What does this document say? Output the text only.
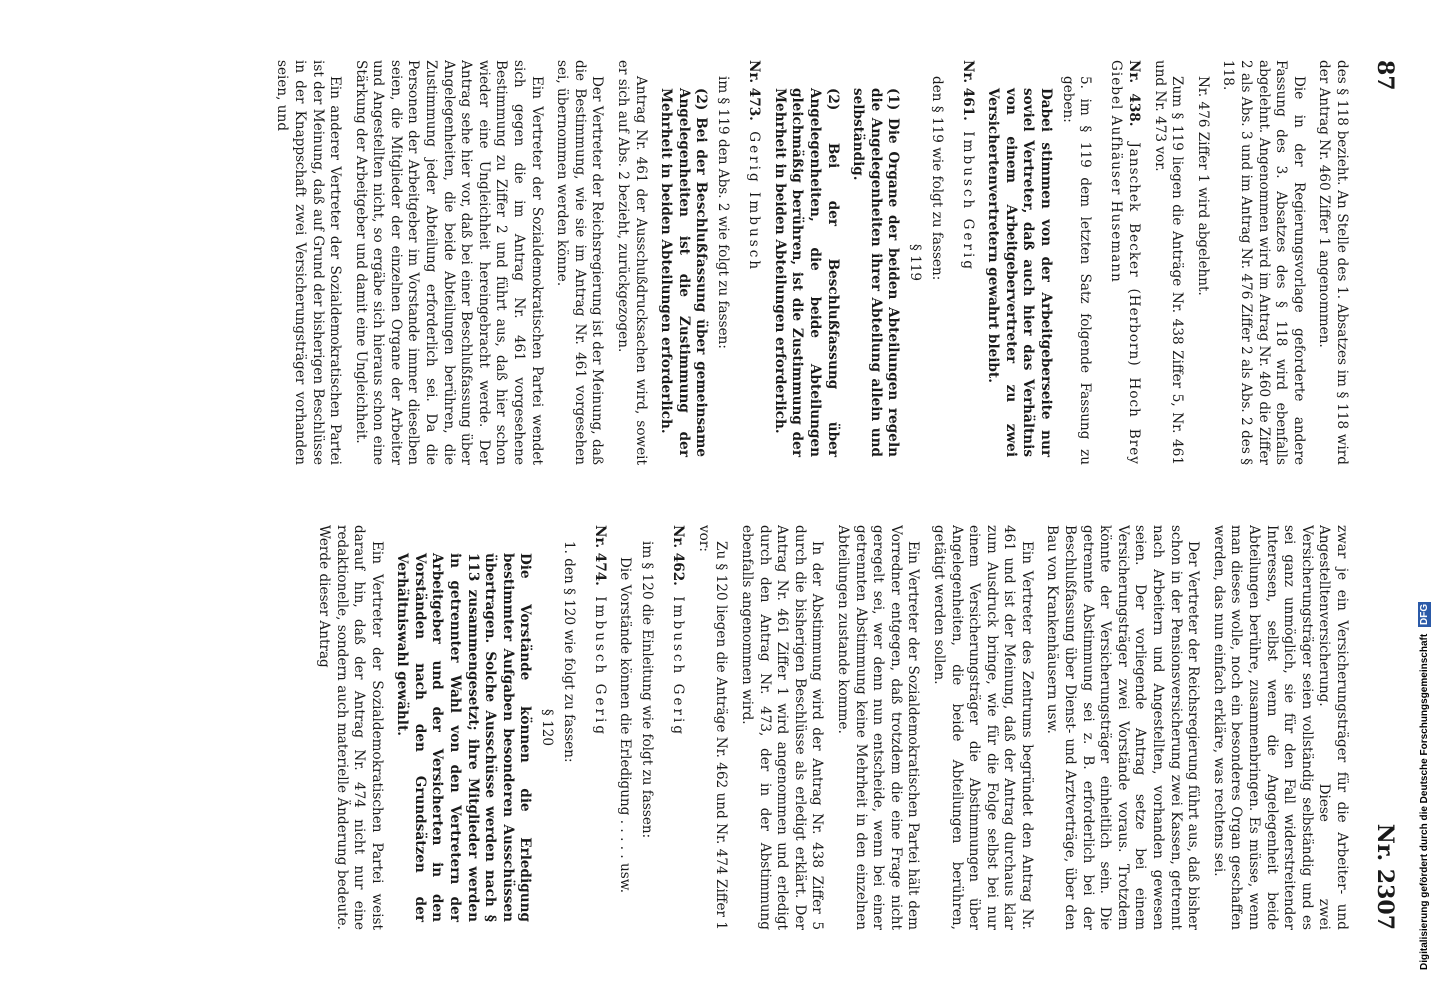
87
Nr. 2307

des § 118 bezieht. An Stelle des 1. Absatzes im § 118 wird der Antrag Nr. 460 Ziffer 1 angenommen.

Die in der Regierungsvorlage geforderte andere Fassung des 3. Absatzes des § 118 wird ebenfalls abgelehnt. Angenommen wird im Antrag Nr. 460 die Ziffer 2 als Abs. 3 und im Antrag Nr. 476 Ziffer 2 als Abs. 2 des § 118.

Nr. 476 Ziffer 1 wird abgelehnt.

Zum § 119 liegen die Anträge Nr. 438 Ziffer 5, Nr. 461 und Nr. 473 vor.

Nr. 438. Janschek Becker (Herborn) Hoch Brey Giebel Aufhäuser Husemann

5. im § 119 dem letzten Satz folgende Fassung zu geben:

Dabei stimmen von der Arbeitgeberseite nur soviel Vertreter, daß auch hier das Verhältnis von einem Arbeitgebervertreter zu zwei Versichertenvertretern gewahrt bleibt.

Nr. 461. Imbusch Gerig

den § 119 wie folgt zu fassen:

§ 119

(1) Die Organe der beiden Abteilungen regeln die Angelegenheiten ihrer Abteilung allein und selbständig.

(2) Bei der Beschlußfassung über Angelegenheiten, die beide Abteilungen gleichmäßig berühren, ist die Zustimmung der Mehrheit in beiden Abteilungen erforderlich.

Nr. 473. Gerig Imbusch

im § 119 den Abs. 2 wie folgt zu fassen:

(2) Bei der Beschlußfassung über gemeinsame Angelegenheiten ist die Zustimmung der Mehrheit in beiden Abteilungen erforderlich.

Antrag Nr. 461 der Ausschußdrucksachen wird, soweit er sich auf Abs. 2 bezieht, zurückgezogen.

Der Vertreter der Reichsregierung ist der Meinung, daß die Bestimmung, wie sie im Antrag Nr. 461 vorgesehen sei, übernommen werden könne.

Ein Vertreter der Sozialdemokratischen Partei wendet sich gegen die im Antrag Nr. 461 vorgesehene Bestimmung zu Ziffer 2 und führt aus, daß hier schon wieder eine Ungleichheit hereingebracht werde. Der Antrag sehe hier vor, daß bei einer Beschlußfassung über Angelegenheiten, die beide Abteilungen berühren, die Zustimmung jeder Abteilung erforderlich sei. Da die Personen der Arbeitgeber im Vorstande immer dieselben seien, die Mitglieder der einzelnen Organe der Arbeiter und Angestellten nicht, so ergäbe sich hieraus schon eine Stärkung der Arbeitgeber und damit eine Ungleichheit.

Ein anderer Vertreter der Sozialdemokratischen Partei ist der Meinung, daß auf Grund der bisherigen Beschlüsse in der Knappschaft zwei Versicherungsträger vorhanden seien, und

zwar je ein Versicherungsträger für die Arbeiter- und Angestelltenversicherung. Diese zwei Versicherungsträger seien vollständig selbständig und es sei ganz unmöglich, sie für den Fall widerstreitender Interessen, selbst wenn die Angelegenheit beide Abteilungen berühre, zusammenbringen. Es müsse, wenn man dieses wolle, noch ein besonderes Organ geschaffen werden, das nun einfach erkläre, was rechtens sei.

Der Vertreter der Reichsregierung führt aus, daß bisher schon in der Pensionsversicherung zwei Kassen, getrennt nach Arbeitern und Angestellten, vorhanden gewesen seien. Der vorliegende Antrag setze bei einem Versicherungsträger zwei Vorstände voraus. Trotzdem könnte der Versicherungsträger einheitlich sein. Die getrennte Abstimmung sei z. B. erforderlich bei der Beschlußfassung über Dienst- und Arztverträge, über den Bau von Krankenhäusern usw.

Ein Vertreter des Zentrums begründet den Antrag Nr. 461 und ist der Meinung, daß der Antrag durchaus klar zum Ausdruck bringe, wie für die Folge selbst bei nur einem Versicherungsträger die Abstimmungen über Angelegenheiten, die beide Abteilungen berühren, getätigt werden sollen.

Ein Vertreter der Sozialdemokratischen Partei hält dem Vorredner entgegen, daß trotzdem die eine Frage nicht geregelt sei, wer denn nun entscheide, wenn bei einer getrennten Abstimmung keine Mehrheit in den einzelnen Abteilungen zustande komme.

In der Abstimmung wird der Antrag Nr. 438 Ziffer 5 durch die bisherigen Beschlüsse als erledigt erklärt. Der Antrag Nr. 461 Ziffer 1 wird angenommen und erledigt durch den Antrag Nr. 473, der in der Abstimmung ebenfalls angenommen wird.

Zu § 120 liegen die Anträge Nr. 462 und Nr. 474 Ziffer 1 vor:

Nr. 462. Imbusch Gerig

im § 120 die Einleitung wie folgt zu fassen:

Die Vorstände können die Erledigung . . . . . usw.

Nr. 474. Imbusch Gerig

1. den § 120 wie folgt zu fassen:

§ 120

Die Vorstände können die Erledigung bestimmter Aufgaben besonderen Ausschüssen übertragen. Solche Ausschüsse werden nach § 113 zusammengesetzt; ihre Mitglieder werden in getrennter Wahl von den Vertretern der Arbeitgeber und der Versicherten in den Vorständen nach den Grundsätzen der Verhältniswahl gewählt.

Ein Vertreter der Sozialdemokratischen Partei weist darauf hin, daß der Antrag Nr. 474 nicht nur eine redaktionelle, sondern auch materielle Änderung bedeute. Werde dieser Antrag

Digitalisierung gefördert durch die Deutsche Forschungsgemeinschaft DFG
